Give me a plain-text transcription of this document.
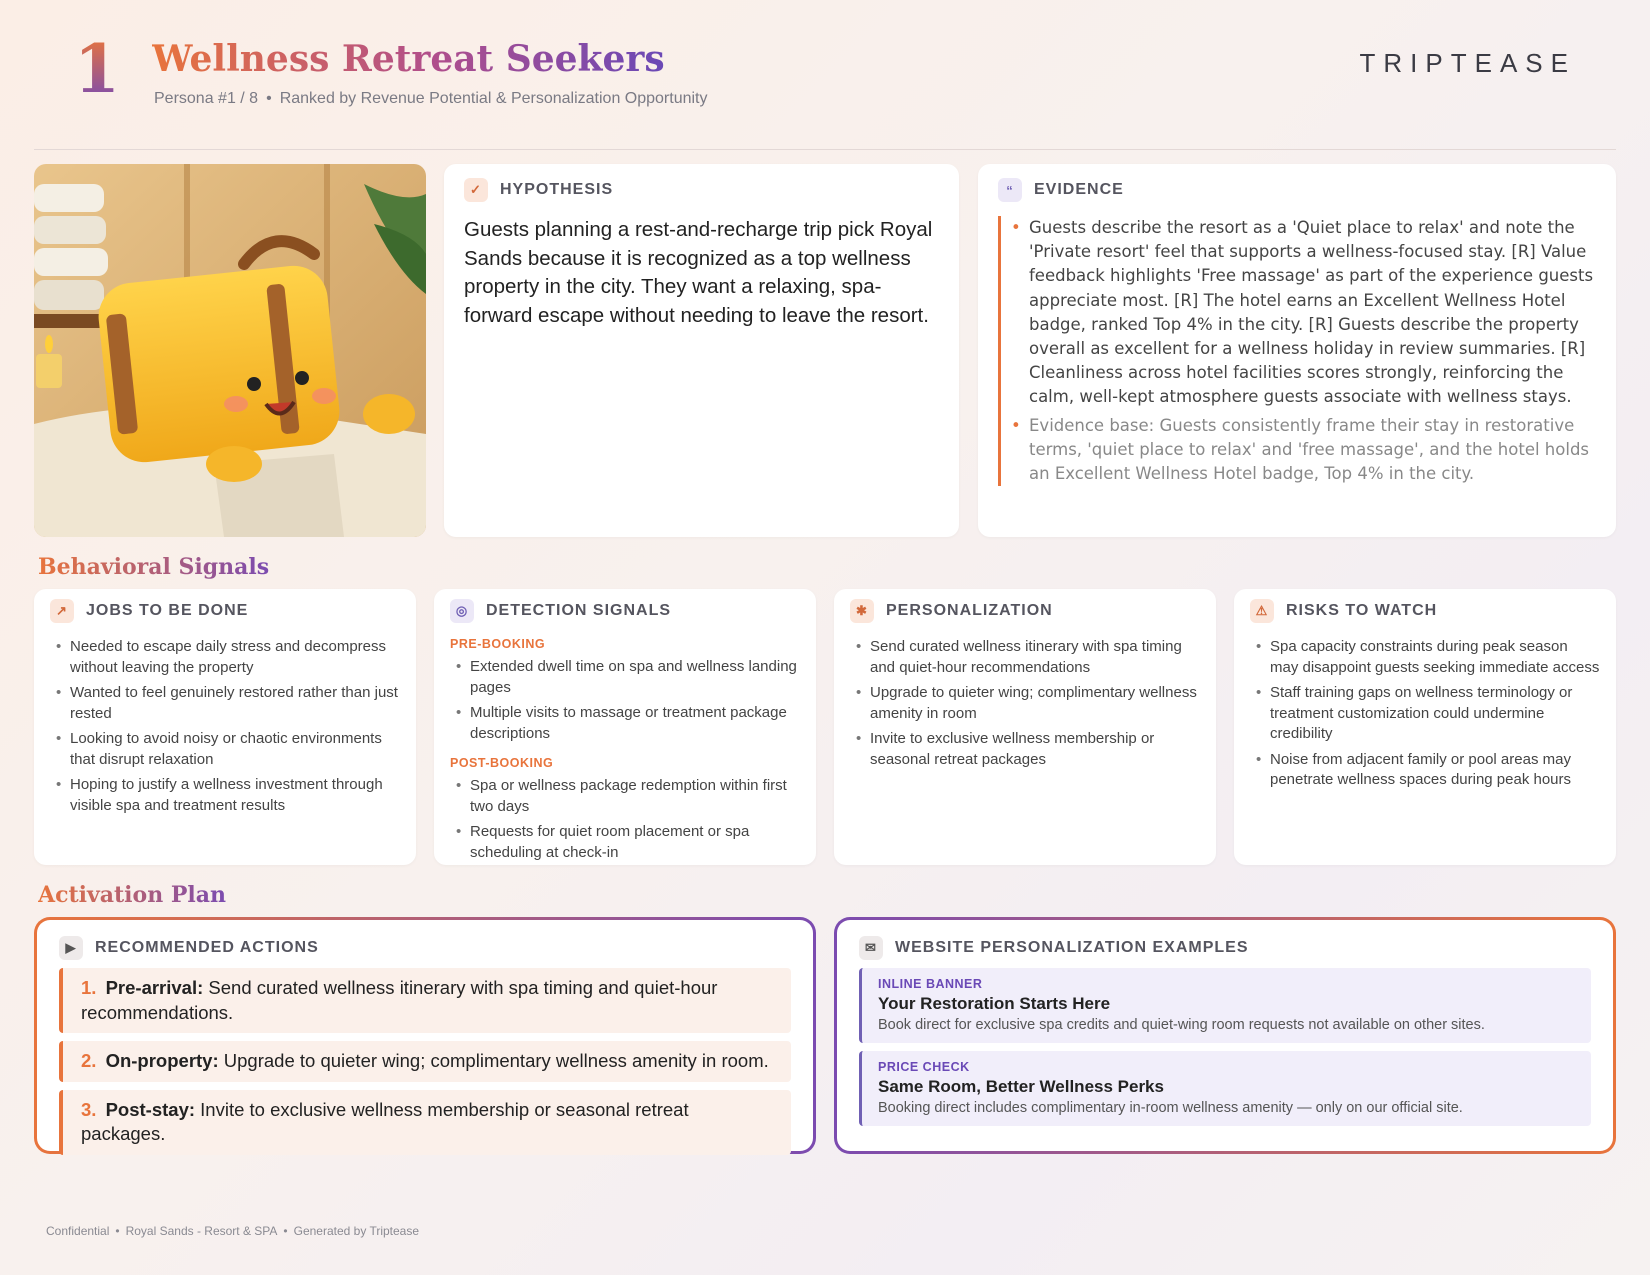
1 Wellness Retreat Seekers
Persona #1 / 8 • Ranked by Revenue Potential & Personalization Opportunity
TRIPTEASE
✓	HYPOTHESIS
Guests planning a rest-and-recharge trip pick Royal Sands because it is recognized as a top wellness property in the city. They want a relaxing, spa-forward escape without needing to leave the resort.
“	EVIDENCE
• Guests describe the resort as a 'Quiet place to relax' and note the 'Private resort' feel that supports a wellness-focused stay. [R] Value feedback highlights 'Free massage' as part of the experience guests appreciate most. [R] The hotel earns an Excellent Wellness Hotel badge, ranked Top 4% in the city. [R] Guests describe the property overall as excellent for a wellness holiday in review summaries. [R] Cleanliness across hotel facilities scores strongly, reinforcing the calm, well-kept atmosphere guests associate with wellness stays.
• Evidence base: Guests consistently frame their stay in restorative terms, 'quiet place to relax' and 'free massage', and the hotel holds an Excellent Wellness Hotel badge, Top 4% in the city.
Behavioral Signals
↗	JOBS TO BE DONE
• Needed to escape daily stress and decompress without leaving the property
• Wanted to feel genuinely restored rather than just rested
• Looking to avoid noisy or chaotic environments that disrupt relaxation
• Hoping to justify a wellness investment through visible spa and treatment results
◎	DETECTION SIGNALS
PRE-BOOKING
• Extended dwell time on spa and wellness landing pages
• Multiple visits to massage or treatment package descriptions
POST-BOOKING
• Spa or wellness package redemption within first two days
• Requests for quiet room placement or spa scheduling at check-in
✱	PERSONALIZATION
• Send curated wellness itinerary with spa timing and quiet-hour recommendations
• Upgrade to quieter wing; complimentary wellness amenity in room
• Invite to exclusive wellness membership or seasonal retreat packages
⚠	RISKS TO WATCH
• Spa capacity constraints during peak season may disappoint guests seeking immediate access
• Staff training gaps on wellness terminology or treatment customization could undermine credibility
• Noise from adjacent family or pool areas may penetrate wellness spaces during peak hours
Activation Plan
▶	RECOMMENDED ACTIONS
1. Pre-arrival: Send curated wellness itinerary with spa timing and quiet-hour recommendations.
2. On-property: Upgrade to quieter wing; complimentary wellness amenity in room.
3. Post-stay: Invite to exclusive wellness membership or seasonal retreat packages.
✉	WEBSITE PERSONALIZATION EXAMPLES
INLINE BANNER
Your Restoration Starts Here
Book direct for exclusive spa credits and quiet-wing room requests not available on other sites.
PRICE CHECK
Same Room, Better Wellness Perks
Booking direct includes complimentary in-room wellness amenity — only on our official site.
Confidential • Royal Sands - Resort & SPA • Generated by Triptease
